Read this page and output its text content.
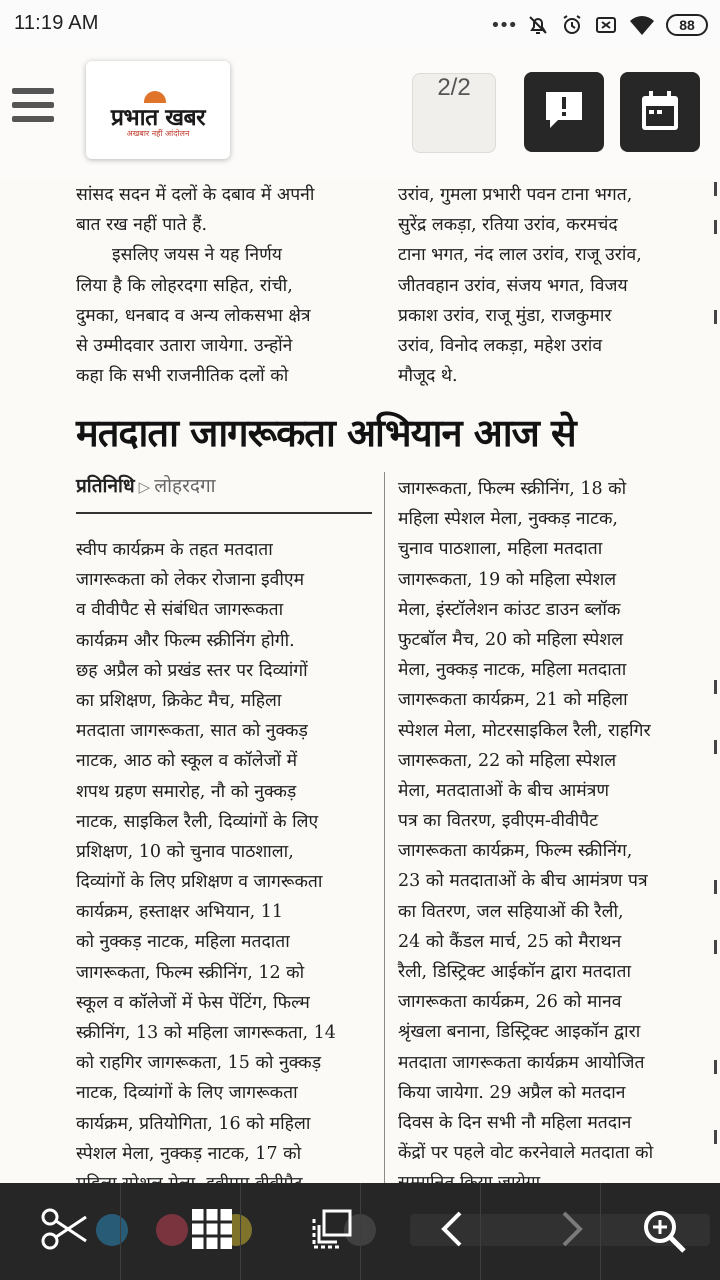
11:19 AM	•••	88
सांसद सदन में दलों के दबाव में अपनी
बात रख नहीं पाते हैं.
इसलिए जयस ने यह निर्णय
लिया है कि लोहरदगा सहित, रांची,
दुमका, धनबाद व अन्य लोकसभा क्षेत्र
से उम्मीदवार उतारा जायेगा. उन्होंने
कहा कि सभी राजनीतिक दलों को
उरांव, गुमला प्रभारी पवन टाना भगत,
सुरेंद्र लकड़ा, रतिया उरांव, करमचंद
टाना भगत, नंद लाल उरांव, राजू उरांव,
जीतवहान उरांव, संजय भगत, विजय
प्रकाश उरांव, राजू मुंडा, राजकुमार
उरांव, विनोद लकड़ा, महेश उरांव
मौजूद थे.
मतदाता जागरूकता अभियान आज से
प्रतिनिधि ▷ लोहरदगा
स्वीप कार्यक्रम के तहत मतदाता
जागरूकता को लेकर रोजाना इवीएम
व वीवीपैट से संबंधित जागरूकता
कार्यक्रम और फिल्म स्क्रीनिंग होगी.
छह अप्रैल को प्रखंड स्तर पर दिव्यांगों
का प्रशिक्षण, क्रिकेट मैच, महिला
मतदाता जागरूकता, सात को नुक्कड़
नाटक, आठ को स्कूल व कॉलेजों में
शपथ ग्रहण समारोह, नौ को नुक्कड़
नाटक, साइकिल रैली, दिव्यांगों के लिए
प्रशिक्षण, 10 को चुनाव पाठशाला,
दिव्यांगों के लिए प्रशिक्षण व जागरूकता
कार्यक्रम, हस्ताक्षर अभियान, 11
को नुक्कड़ नाटक, महिला मतदाता
जागरूकता, फिल्म स्क्रीनिंग, 12 को
स्कूल व कॉलेजों में फेस पेंटिंग, फिल्म
स्क्रीनिंग, 13 को महिला जागरूकता, 14
को राहगिर जागरूकता, 15 को नुक्कड़
नाटक, दिव्यांगों के लिए जागरूकता
कार्यक्रम, प्रतियोगिता, 16 को महिला
स्पेशल मेला, नुक्कड़ नाटक, 17 को
जागरूकता, फिल्म स्क्रीनिंग, 18 को
महिला स्पेशल मेला, नुक्कड़ नाटक,
चुनाव पाठशाला, महिला मतदाता
जागरूकता, 19 को महिला स्पेशल
मेला, इंस्टॉलेशन कांउट डाउन ब्लॉक
फुटबॉल मैच, 20 को महिला स्पेशल
मेला, नुक्कड़ नाटक, महिला मतदाता
जागरूकता कार्यक्रम, 21 को महिला
स्पेशल मेला, मोटरसाइकिल रैली, राहगिर
जागरूकता, 22 को महिला स्पेशल
मेला, मतदाताओं के बीच आमंत्रण
पत्र का वितरण, इवीएम-वीवीपैट
जागरूकता कार्यक्रम, फिल्म स्क्रीनिंग,
23 को मतदाताओं के बीच आमंत्रण पत्र
का वितरण, जल सहियाओं की रैली,
24 को कैंडल मार्च, 25 को मैराथन
रैली, डिस्ट्रिक्ट आईकॉन द्वारा मतदाता
जागरूकता कार्यक्रम, 26 को मानव
श्रृंखला बनाना, डिस्ट्रिक्ट आइकॉन द्वारा
मतदाता जागरूकता कार्यक्रम आयोजित
किया जायेगा. 29 अप्रैल को मतदान
दिवस के दिन सभी नौ महिला मतदान
केंद्रों पर पहले वोट करनेवाले मतदाता को
प्रभात खबर
अखबार नहीं आंदोलन
2/2
